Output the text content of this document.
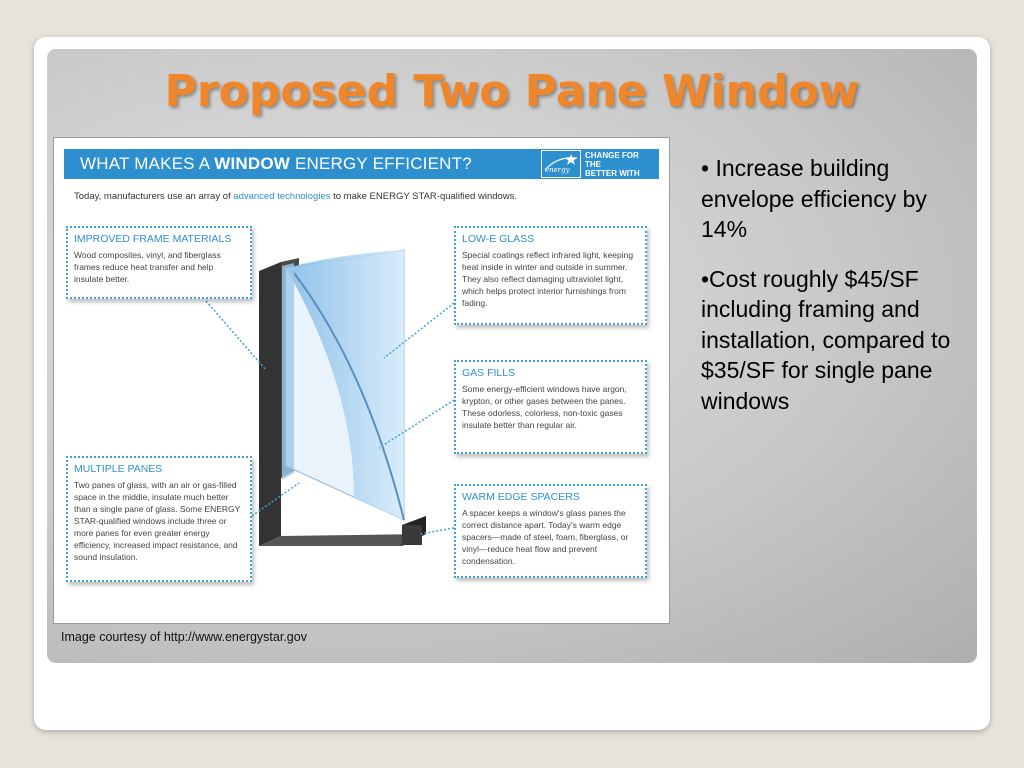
Proposed Two Pane Window
WHAT MAKES A WINDOW ENERGY EFFICIENT?	energy
CHANGE FOR THE
BETTER WITH
ENERGY STAR
Today, manufacturers use an array of advanced technologies to make ENERGY STAR-qualified windows.
IMPROVED FRAME MATERIALS

Wood composites, vinyl, and fiberglass frames reduce heat transfer and help insulate better.

LOW-E GLASS

Special coatings reflect infrared light, keeping heat inside in winter and outside in summer. They also reflect damaging ultraviolet light, which helps protect interior furnishings from fading.

GAS FILLS

Some energy-efficient windows have argon, krypton, or other gases between the panes. These odorless, colorless, non-toxic gases insulate better than regular air.

MULTIPLE PANES

Two panes of glass, with an air or gas-filled space in the middle, insulate much better than a single pane of glass. Some ENERGY STAR-qualified windows include three or more panes for even greater energy efficiency, increased impact resistance, and sound insulation.

WARM EDGE SPACERS

A spacer keeps a window's glass panes the correct distance apart. Today's warm edge spacers—made of steel, foam, fiberglass, or vinyl—reduce heat flow and prevent condensation.

Image courtesy of http://www.energystar.gov

• Increase building envelope efficiency by 14%

•Cost roughly $45/SF including framing and installation, compared to $35/SF for single pane windows
